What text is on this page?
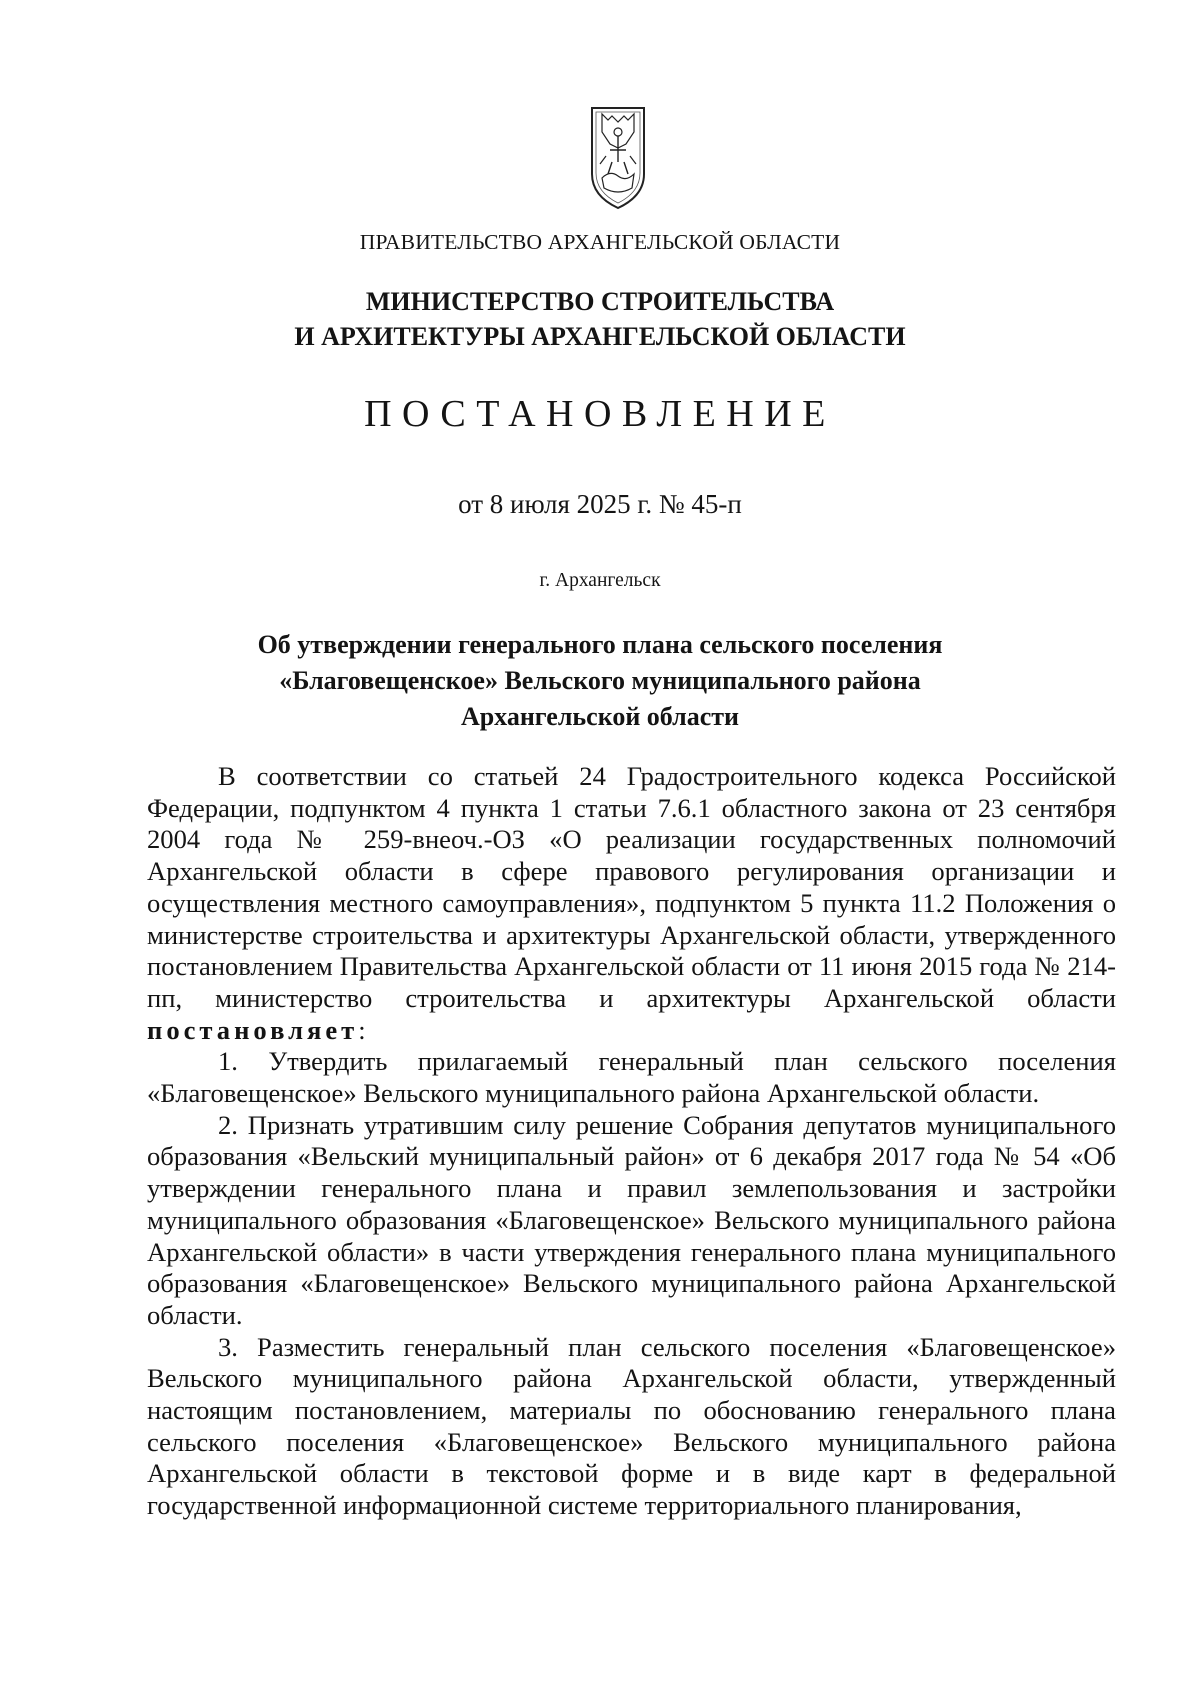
ПРАВИТЕЛЬСТВО АРХАНГЕЛЬСКОЙ ОБЛАСТИ
МИНИСТЕРСТВО СТРОИТЕЛЬСТВА
И АРХИТЕКТУРЫ АРХАНГЕЛЬСКОЙ ОБЛАСТИ
ПОСТАНОВЛЕНИЕ
от 8 июля 2025 г. № 45-п
г. Архангельск
Об утверждении генерального плана сельского поселения
«Благовещенское» Вельского муниципального района
Архангельской области

В соответствии со статьей 24 Градостроительного кодекса Российской Федерации, подпунктом 4 пункта 1 статьи 7.6.1 областного закона от 23 сентября 2004 года № 259-внеоч.-ОЗ «О реализации государственных полномочий Архангельской области в сфере правового регулирования организации и осуществления местного самоуправления», подпунктом 5 пункта 11.2 Положения о министерстве строительства и архитектуры Архангельской области, утвержденного постановлением Правительства Архангельской области от 11 июня 2015 года № 214-пп, министерство строительства и архитектуры Архангельской области постановляет:

1. Утвердить прилагаемый генеральный план сельского поселения «Благовещенское» Вельского муниципального района Архангельской области.

2. Признать утратившим силу решение Собрания депутатов муниципального образования «Вельский муниципальный район» от 6 декабря 2017 года № 54 «Об утверждении генерального плана и правил землепользования и застройки муниципального образования «Благовещенское» Вельского муниципального района Архангельской области» в части утверждения генерального плана муниципального образования «Благовещенское» Вельского муниципального района Архангельской области.

3. Разместить генеральный план сельского поселения «Благовещенское» Вельского муниципального района Архангельской области, утвержденный настоящим постановлением, материалы по обоснованию генерального плана сельского поселения «Благовещенское» Вельского муниципального района Архангельской области в текстовой форме и в виде карт в федеральной государственной информационной системе территориального планирования,
